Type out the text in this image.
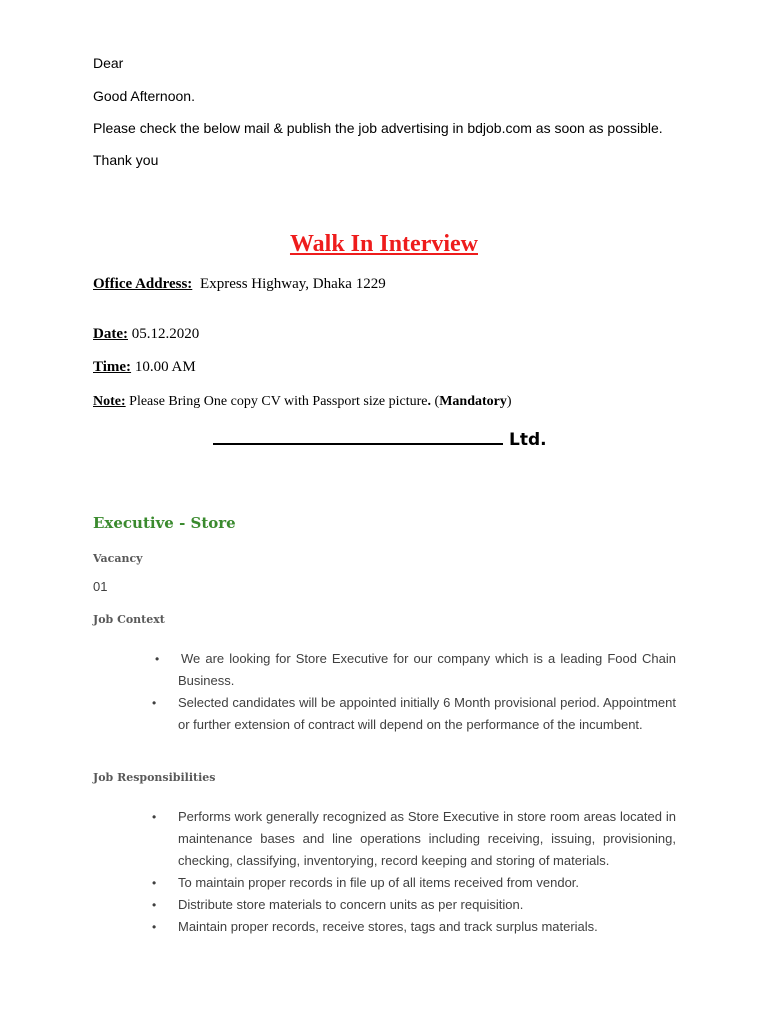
Dear
Good Afternoon.
Please check the below mail & publish the job advertising in bdjob.com as soon as possible.
Thank you
Walk In Interview
Office Address: Express Highway, Dhaka 1229
Date: 05.12.2020
Time: 10.00 AM
Note: Please Bring One copy CV with Passport size picture. (Mandatory)
Ltd.
Executive - Store
Vacancy
01
Job Context
• We are looking for Store Executive for our company which is a leading Food Chain Business.
• Selected candidates will be appointed initially 6 Month provisional period. Appointment or further extension of contract will depend on the performance of the incumbent.
Job Responsibilities
• Performs work generally recognized as Store Executive in store room areas located in maintenance bases and line operations including receiving, issuing, provisioning, checking, classifying, inventorying, record keeping and storing of materials.
• To maintain proper records in file up of all items received from vendor.
• Distribute store materials to concern units as per requisition.
• Maintain proper records, receive stores, tags and track surplus materials.
